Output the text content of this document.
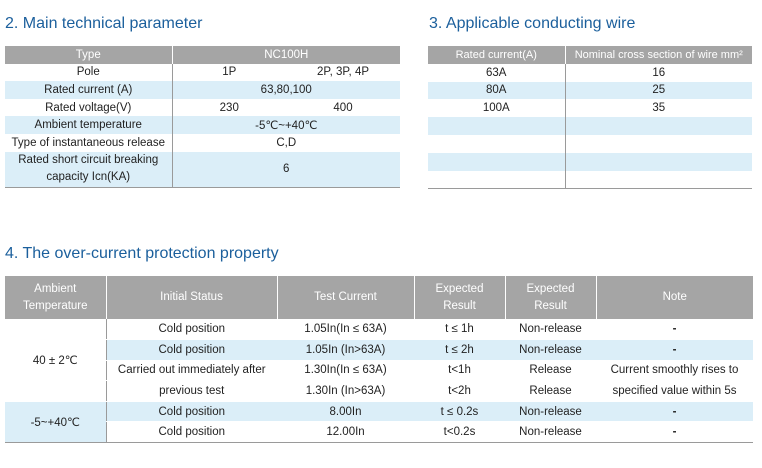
2. Main technical parameter
Type	NC100H	
Pole	1P	2P, 3P, 4P
Rated current (A)	63,80,100	
Rated voltage(V)	230	400
Ambient temperature	-5℃~+40℃	
Type of instantaneous release	C,D	
Rated short circuit breaking capacity Icn(KA)	6	
3. Applicable conducting wire
Rated current(A)	Nominal cross section of wire mm²
63A	16
80A	25
100A	35

4. The over-current protection property
Ambient Temperature	Initial Status	Test Current	Expected Result	Expected Result	Note
40 ± 2℃	Cold position	1.05In(In ≤ 63A)	t ≤ 1h	Non-release	-
	Cold position	1.05In (In>63A)	t ≤ 2h	Non-release	-
	Carried out immediately after	1.30In(In ≤ 63A)	t<1h	Release	Current smoothly rises to
	previous test	1.30In (In>63A)	t<2h	Release	specified value within 5s
-5~+40℃	Cold position	8.00In	t ≤ 0.2s	Non-release	-
	Cold position	12.00In	t<0.2s	Non-release	-
